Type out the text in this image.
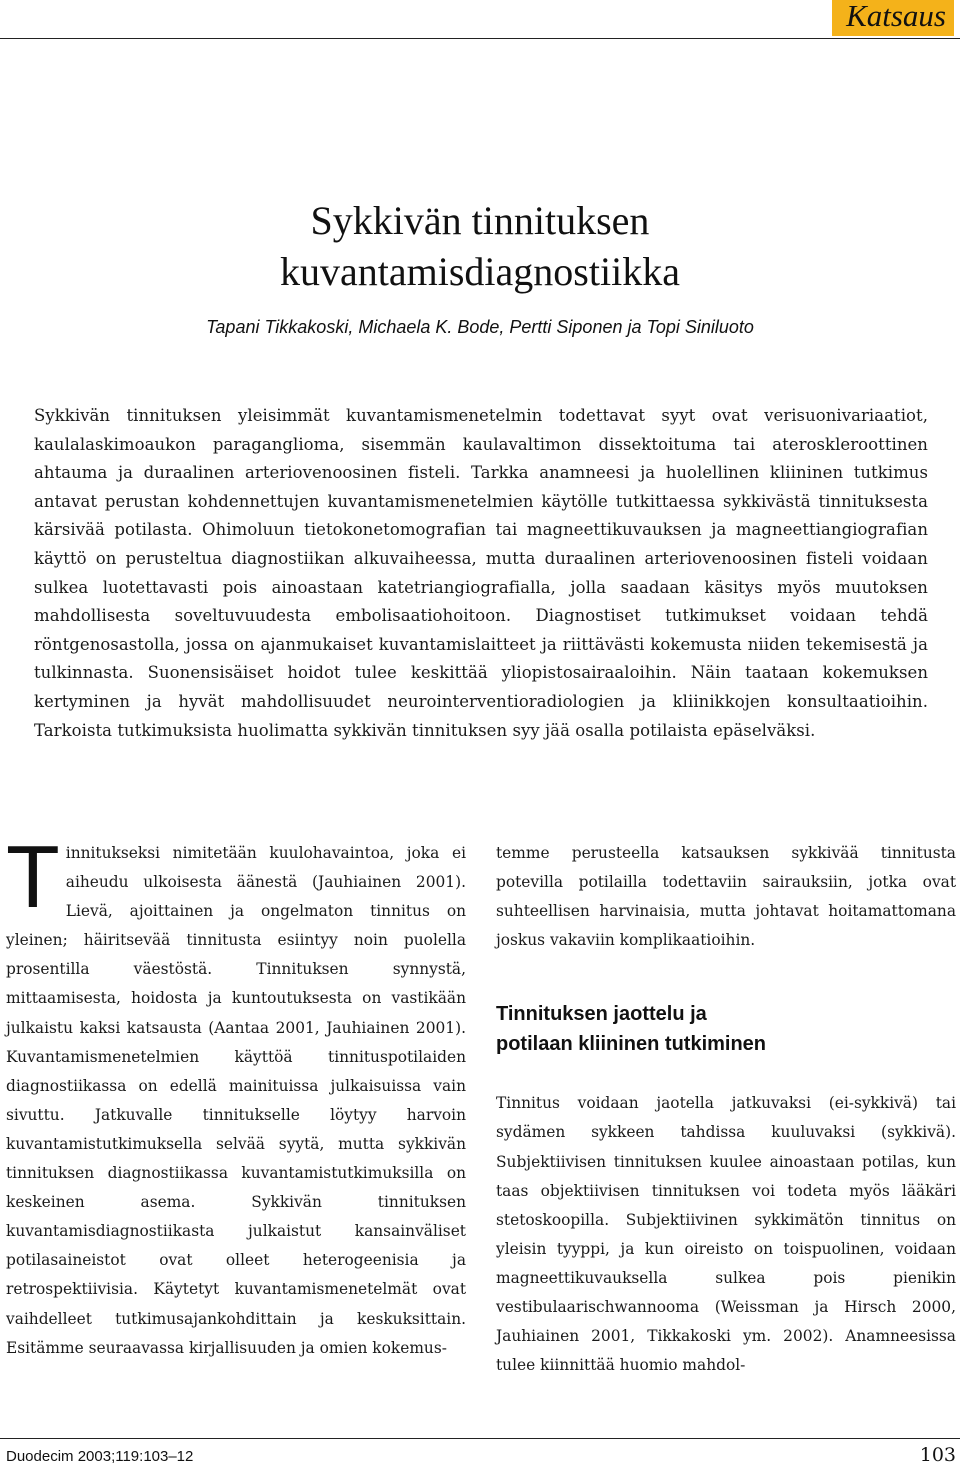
Katsaus
Sykkivän tinnituksen
kuvantamisdiagnostiikka
Tapani Tikkakoski, Michaela K. Bode, Pertti Siponen ja Topi Siniluoto
Sykkivän tinnituksen yleisimmät kuvantamismenetelmin todettavat syyt ovat verisuonivariaatiot, kaulalaskimoaukon paraganglioma, sisemmän kaulavaltimon dissektoituma tai ateroskleroottinen ahtauma ja duraalinen arteriovenoosinen fisteli. Tarkka anamneesi ja huolellinen kliininen tutkimus antavat perustan kohdennettujen kuvantamismenetelmien käytölle tutkittaessa sykkivästä tinnituksesta kärsivää potilasta. Ohimoluun tietokonetomografian tai magneettikuvauksen ja magneettiangiografian käyttö on perusteltua diagnostiikan alkuvaiheessa, mutta duraalinen arteriovenoosinen fisteli voidaan sulkea luotettavasti pois ainoastaan katetriangiografialla, jolla saadaan käsitys myös muutoksen mahdollisesta soveltuvuudesta embolisaatiohoitoon. Diagnostiset tutkimukset voidaan tehdä röntgenosastolla, jossa on ajanmukaiset kuvantamislaitteet ja riittävästi kokemusta niiden tekemisestä ja tulkinnasta. Suonensisäiset hoidot tulee keskittää yliopistosairaaloihin. Näin taataan kokemuksen kertyminen ja hyvät mahdollisuudet neurointerventioradiologien ja kliinikkojen konsultaatioihin. Tarkoista tutkimuksista huolimatta sykkivän tinnituksen syy jää osalla potilaista epäselväksi.
T innitukseksi nimitetään kuulohavaintoa, joka ei aiheudu ulkoisesta äänestä (Jauhiainen 2001). Lievä, ajoittainen ja ongelmaton tinnitus on yleinen; häiritsevää tinnitusta esiintyy noin puolella prosentilla väestöstä. Tinnituksen synnystä, mittaamisesta, hoidosta ja kuntoutuksesta on vastikään julkaistu kaksi katsausta (Aantaa 2001, Jauhiainen 2001). Kuvantamismenetelmien käyttöä tinnituspotilaiden diagnostiikassa on edellä mainituissa julkaisuissa vain sivuttu. Jatkuvalle tinnitukselle löytyy harvoin kuvantamistutkimuksella selvää syytä, mutta sykkivän tinnituksen diagnostiikassa kuvantamistutkimuksilla on keskeinen asema. Sykkivän tinnituksen kuvantamisdiagnostiikasta julkaistut kansainväliset potilasaineistot ovat olleet heterogeenisia ja retrospektiivisia. Käytetyt kuvantamismenetelmät ovat vaihdelleet tutkimusajankohdittain ja keskuksittain. Esitämme seuraavassa kirjallisuuden ja omien kokemus-

temme perusteella katsauksen sykkivää tinnitusta potevilla potilailla todettaviin sairauksiin, jotka ovat suhteellisen harvinaisia, mutta johtavat hoitamattomana joskus vakaviin komplikaatioihin.

Tinnituksen jaottelu ja
potilaan kliininen tutkiminen

Tinnitus voidaan jaotella jatkuvaksi (ei-sykkivä) tai sydämen sykkeen tahdissa kuuluvaksi (sykkivä). Subjektiivisen tinnituksen kuulee ainoastaan potilas, kun taas objektiivisen tinnituksen voi todeta myös lääkäri stetoskoopilla. Subjektiivinen sykkimätön tinnitus on yleisin tyyppi, ja kun oireisto on toispuolinen, voidaan magneettikuvauksella sulkea pois pienikin vestibulaarischwannooma (Weissman ja Hirsch 2000, Jauhiainen 2001, Tikkakoski ym. 2002). Anamneesissa tulee kiinnittää huomio mahdol-

Duodecim 2003;119:103–12	103
